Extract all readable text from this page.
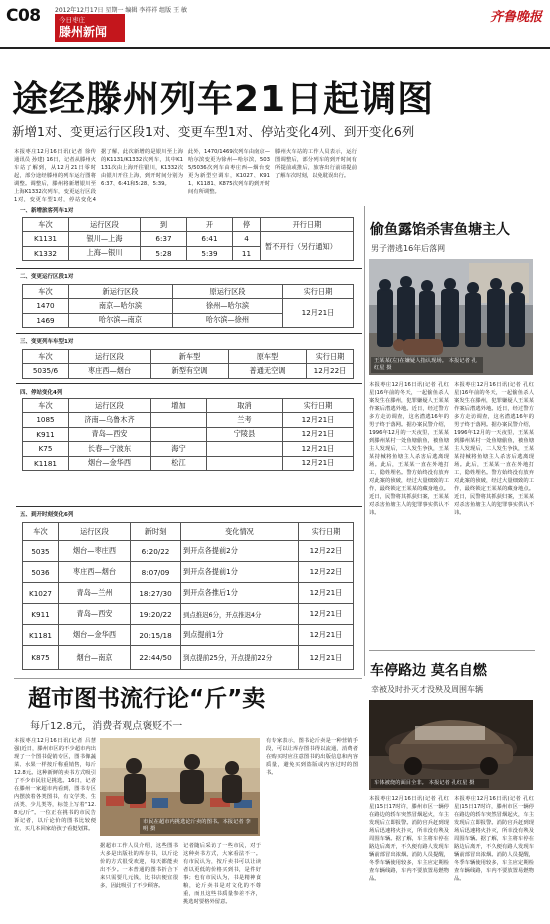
C08 2012年12月17日 星期一 编辑 李祥祥 组版 王 敏
今日枣庄
滕州新闻
齐鲁晚报
途经滕州列车21日起调图
新增1对、变更运行区段1对、变更车型1对、停站变化4列、到开变化6列
本报枣庄12月16日讯(记者 徐传 通讯员 孙建) 16日，记者从滕州火车站了解到，从12月21日零时起，部分途经滕州的列车运行图将调整。调整后，滕州将新增银川至上海K1332次列车，变更运行区段1对，变更车型1对，停站变化4
据了解，此次新增的是银川至上海的K1131/K1332次列车，其中K1131次由上海开往银川，K1332次由银川开往上海，到开时间分别为6:37、6:41和5:28、5:39。
此外，1470/1469次列车由南京—哈尔滨变更为徐州—哈尔滨，5035/5036次列车由枣庄西—烟台变更为新型空调车，K1027、K911、K1181、K875次列车的到开时间有所调整。
滕州火车站的工作人员表示，运行图调整后，部分列车的到开时间有所提前或推后，旅客出行前请提前了解车次时刻，以免耽误出行。
一、新增旅客列车1对
车次	运行区段	到	开	停	开行日期
K1131	银川—上海	6:37	6:41	4	暂不开行（另行通知）
K1332	上海—银川	5:28	5:39	11	
二、变更运行区段1对
车次	新运行区段	原运行区段	实行日期
1470	南京—哈尔滨	徐州—哈尔滨	12月21日
1469	哈尔滨—南京	哈尔滨—徐州	
三、变更列车车型1对
车次	运行区段	新车型	原车型	实行日期
5035/6	枣庄西—烟台	新型有空调	普通无空调	12月22日
四、停站变化4列
车次	运行区段	增加	取消	实行日期
1085	济南—乌鲁木齐		兰考	12月21日
K911	青岛—西安		宁陵县	12月21日
K75	长春—宁波东	海宁		12月21日
K1181	烟台—金华西	松江		12月21日
五、到开时刻变化6列
车次	运行区段	新时刻	变化情况	实行日期
5035	烟台—枣庄西	6:20/22	到开点各提前2分	12月22日
5036	枣庄西—烟台	8:07/09	到开点各提前1分	12月22日
K1027	青岛—兰州	18:27/30	到开点各推后1分	12月21日
K911	青岛—西安	19:20/22	到点推迟6分，开点推迟4分	12月21日
K1181	烟台—金华西	20:15/18	到点提前1分	12月21日
K875	烟台—南京	22:44/50	到点提前25分，开点提前22分	12月21日
偷鱼露馅杀害鱼塘主人
男子潜逃16年后落网
王某某(左)在嫌疑人指认现场。 本报记者 孔红星 摄
本报枣庄12月16日讯(记者 孔红星)16年前的冬天，一起偷鱼杀人案发生在滕州，犯罪嫌疑人王某某作案后潜逃外地。近日，经过警方多方走访调查，这名潜逃16年的男子终于落网。据办案民警介绍，1996年12月的一天夜里，王某某到滕州某村一处鱼塘偷鱼，被鱼塘主人发现后，二人发生争执，王某某持械将鱼塘主人杀害后逃离现场。此后，王某某一直在外地打工，隐姓埋名。警方始终没有放弃对此案的侦破，经过大量细致的工作，最终锁定王某某的藏身地点。近日，民警将其抓获归案，王某某对杀害鱼塘主人的犯罪事实供认不讳。
本报枣庄12月16日讯(记者 孔红星)16年前的冬天，一起偷鱼杀人案发生在滕州，犯罪嫌疑人王某某作案后潜逃外地。近日，经过警方多方走访调查，这名潜逃16年的男子终于落网。据办案民警介绍，1996年12月的一天夜里，王某某到滕州某村一处鱼塘偷鱼，被鱼塘主人发现后，二人发生争执，王某某持械将鱼塘主人杀害后逃离现场。此后，王某某一直在外地打工，隐姓埋名。警方始终没有放弃对此案的侦破，经过大量细致的工作，最终锁定王某某的藏身地点。近日，民警将其抓获归案，王某某对杀害鱼塘主人的犯罪事实供认不讳。
车停路边 莫名自燃
幸被及时扑灭才没殃及周围车辆
车体被烧的面目全非。 本报记者 孔红星 摄
本报枣庄12月16日讯(记者 孔红星)15日17时许，滕州市区一辆停在路边的轿车突然冒烟起火，车主发现后立即报警。消防官兵赶到现场后迅速将火扑灭，所幸没有殃及周围车辆。据了解，车主将车停在路边后离开，不久便有路人发现车辆前部冒出浓烟。消防人员提醒，冬季车辆使用较多，车主应定期检查车辆线路，车内不要放置易燃物品。
本报枣庄12月16日讯(记者 孔红星)15日17时许，滕州市区一辆停在路边的轿车突然冒烟起火，车主发现后立即报警。消防官兵赶到现场后迅速将火扑灭，所幸没有殃及周围车辆。据了解，车主将车停在路边后离开，不久便有路人发现车辆前部冒出浓烟。消防人员提醒，冬季车辆使用较多，车主应定期检查车辆线路，车内不要放置易燃物品。
超市图书流行论“斤”卖
每斤12.8元，消费者观点褒贬不一
本报枣庄12月16日讯(记者 吕慧强)近日，滕州市区的不少超市内出现了一个图书促销专区，图书像蔬菜、水果一样按斤称重销售，每斤12.8元。这种新鲜的卖书方式吸引了不少市民驻足挑选。16日，记者在滕州一家超市内看到，图书专区内摆放着各类图书，有文学类、生活类、少儿类等，标签上写着“12.8元/斤”。一位正在挑书的市民告诉记者，以斤论价的图书比较便宜，买几本回家给孩子看挺划算。
市民在超市内挑选论斤卖的图书。本报记者 李明 摄
据超市工作人员介绍，这些图书大多是出版社的库存书，以斤论价的方式很受欢迎，每天都能卖出不少。一本普通的图书折合下来只需要几元钱，比书店便宜很多，因此吸引了不少顾客。
记者随后采访了一些市民，对于这种卖书方式，大家看法不一。有市民认为，按斤卖书可以让读者以更低的价格买到书，是件好事；也有市民认为，书是精神食粮，论斤卖书是对文化的不尊重，而且这些书质量参差不齐，挑选时要格外留意。
有专家表示，图书论斤卖是一种营销手段，可以让库存图书得以流通，消费者在购买时应注意图书的出版信息和内容质量，避免买到盗版或内容过时的图书。
